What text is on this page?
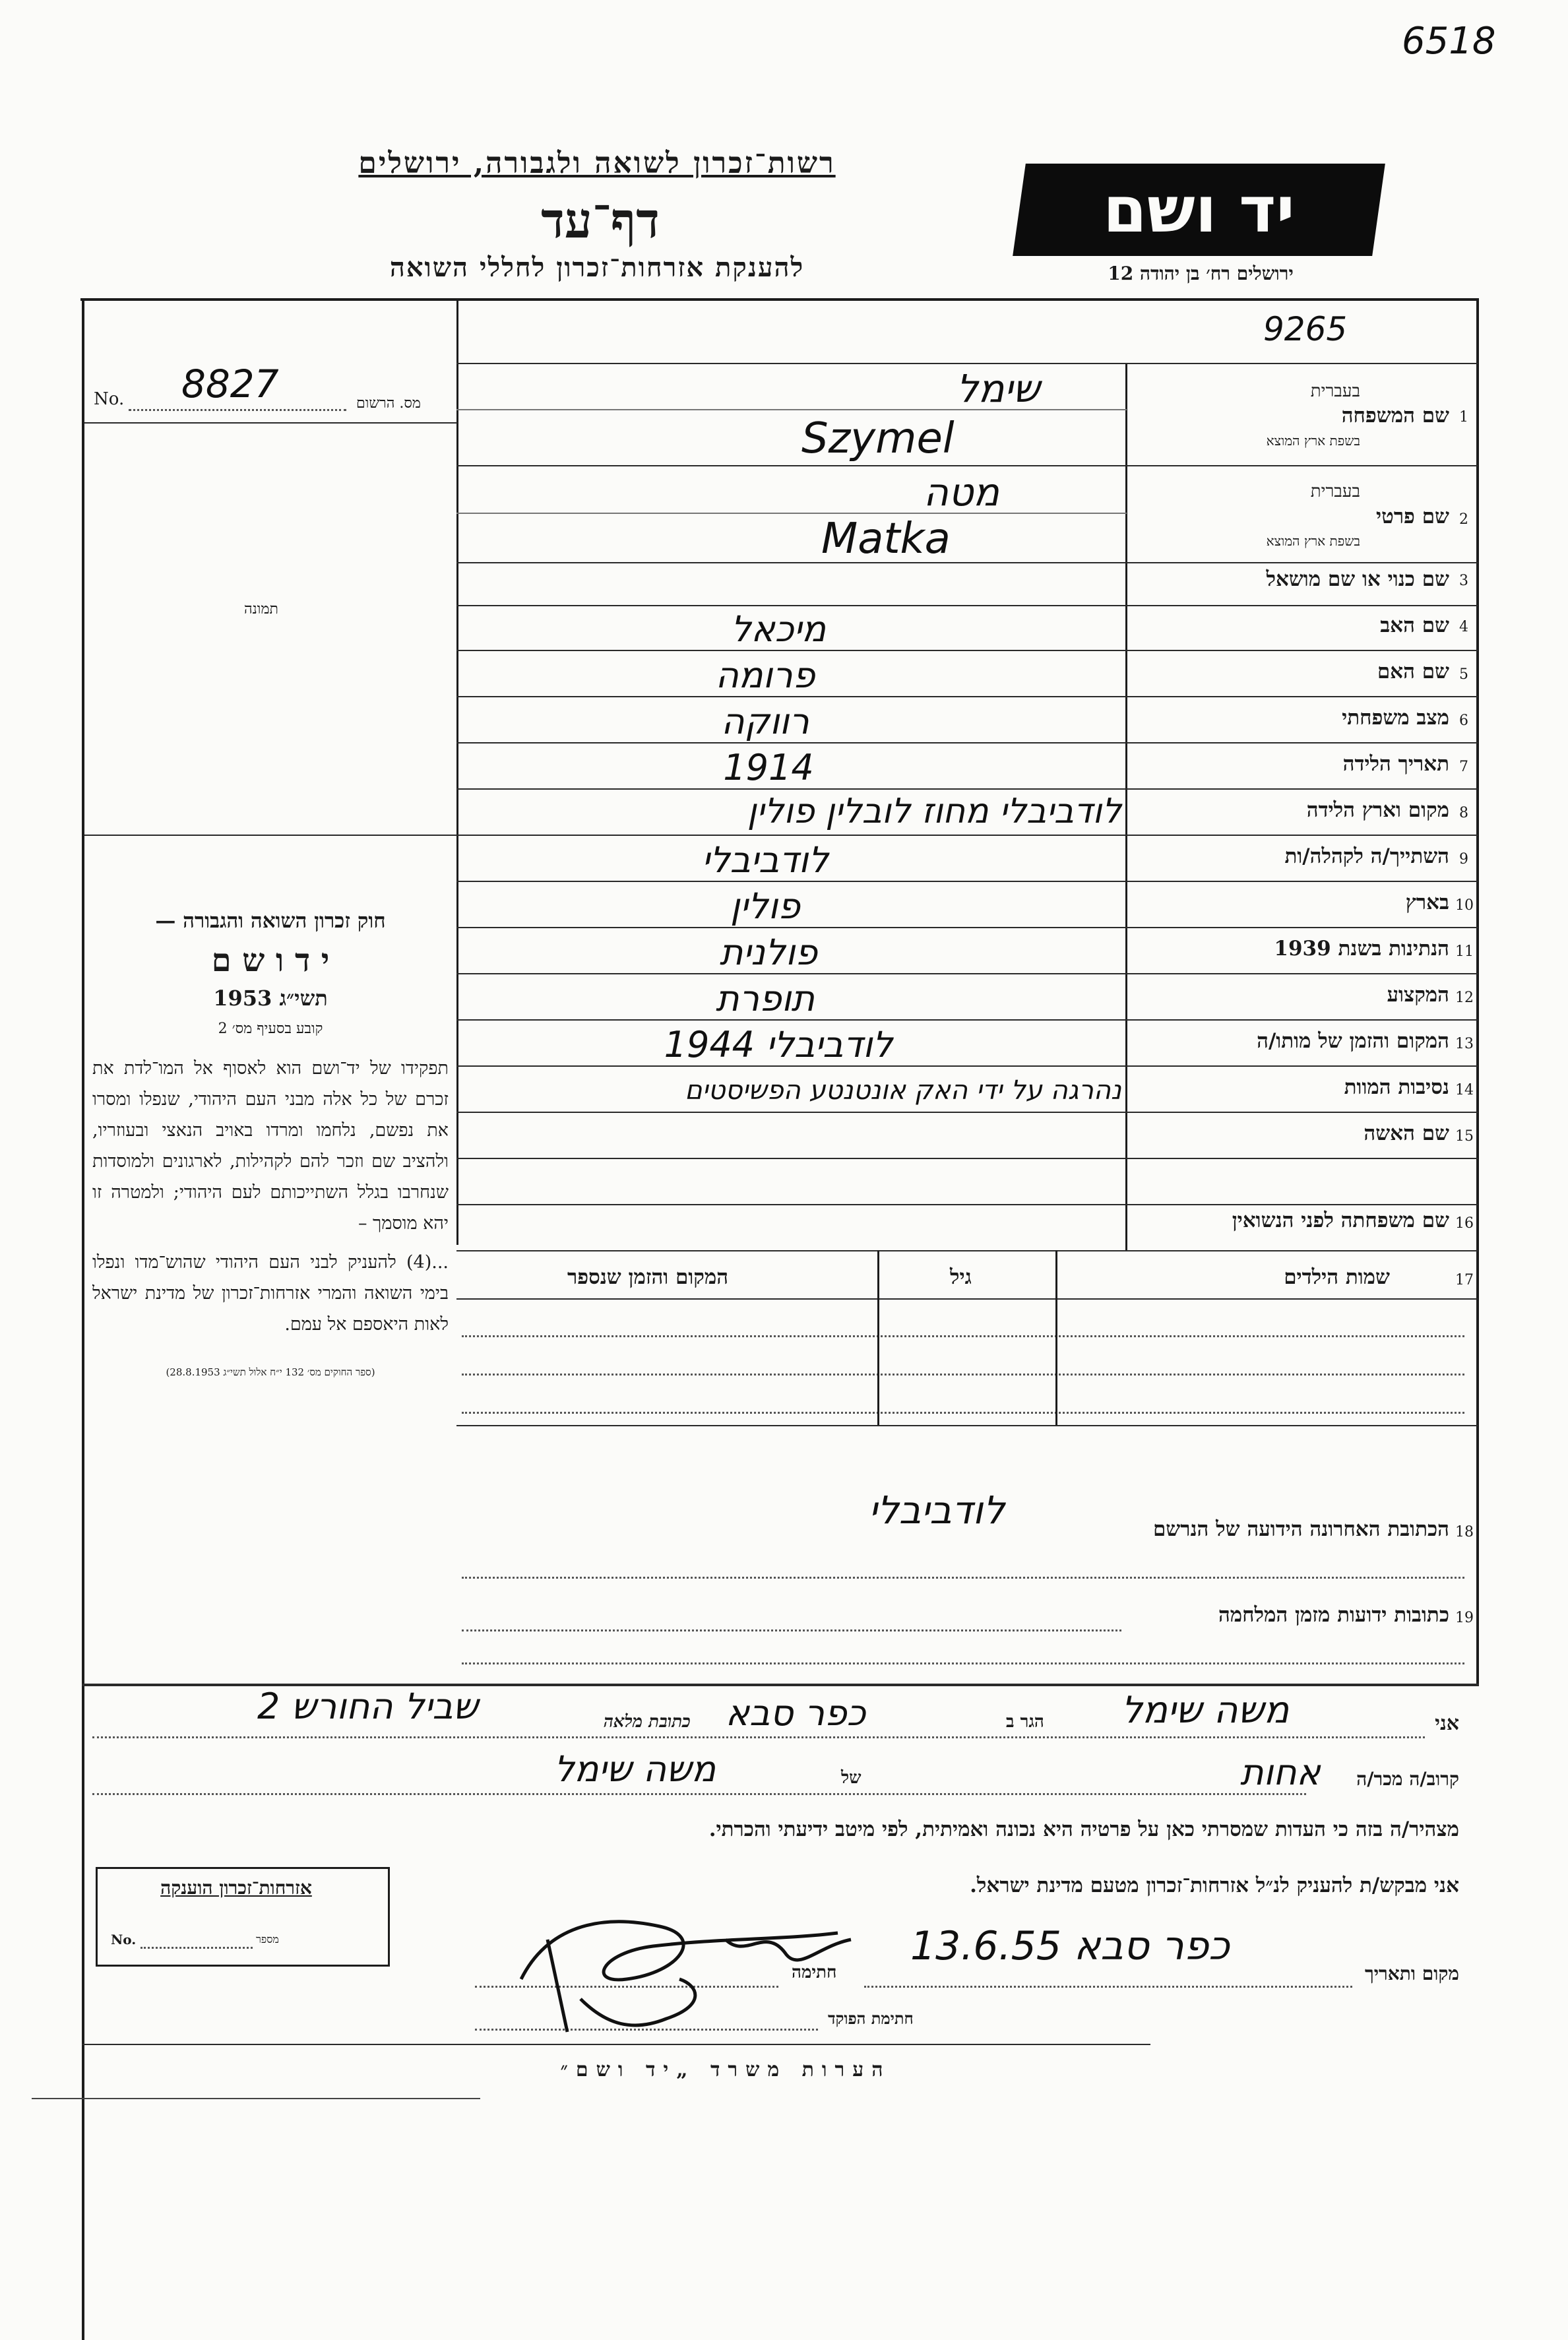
6518
רשות־זכרון לשואה ולגבורה, ירושלים
דף־עד
להענקת אזרחות־זכרון לחללי השואה
יד ושם
ירושלים רח׳ בן יהודה 12
9265
No. 8827	מס. הרשום
תמונה

חוק זכרון השואה והגבורה —

י ד ו ש ם

תשי״ג 1953

קובע בסעיף מס׳ 2

תפקידו של יד־ושם הוא לאסוף אל המו־לדת את זכרם של כל אלה מבני העם היהודי, שנפלו ומסרו את נפשם, נלחמו ומרדו באויב הנאצי ובעוזריו, ולהציב שם וזכר להם לקהילות, לארגונים ולמוסדות שנחרבו בגלל השתייכותם לעם היהודי; ולמטרה זו יהא מוסמך –

...(4) להעניק לבני העם היהודי שהוש־מדו ונפלו בימי השואה והמרי אזרחות־זכרון של מדינת ישראל לאות היאספם אל עמם.

(ספר החוקים מס׳ 132 י״ח אלול תשי״ג 28.8.1953)

1
שם המשפחה
בעברית
בשפת ארץ המוצא
שימל
Szymel
2
שם פרטי
בעברית
בשפת ארץ המוצא
מטה
Matka
3
שם כנוי או שם מושאל
4
שם האב
מיכאל
5
שם האם
פרומה
6
מצב משפחתי
רווקה
7
תאריך הלידה
1914
8
מקום וארץ הלידה
לודביבלי מחוז לובלין פולין
9
השתייך/ה לקהלה/ות
לודביבלי
10
בארץ
פולין
11
הנתינות בשנת 1939
פולנית
12
המקצוע
תופרת
13
המקום והזמן של מותו/ה
לודביבלי 1944
14
נסיבות המוות
נהרגה על ידי האק אונטנטע הפשיסטים
15
שם האשה
16
שם משפחתה לפני הנשואין
17
שמות הילדים
גיל
המקום והזמן שנספר
18
הכתובת האחרונה הידועה של הנרשם
לודביבלי
19
כתובות ידועות מזמן המלחמה
אני
משה שימל
הגר ב
כפר סבא
כתובת מלאה
שביל החורש 2
קרוב/ה מכר/ה
אחות
של
משה שימל
מצהיר/ה בזה כי העדות שמסרתי כאן על פרטיה היא נכונה ואמיתית, לפי מיטב ידיעתי והכרתי.
אני מבקש/ת להעניק לנ״ל אזרחות־זכרון מטעם מדינת ישראל.
מקום ותאריך
כפר סבא 13.6.55
חתימה
חתימת הפוקד
אזרחות־זכרון הוענקה
No.	מספר
הערות משרד „יד ושם״
